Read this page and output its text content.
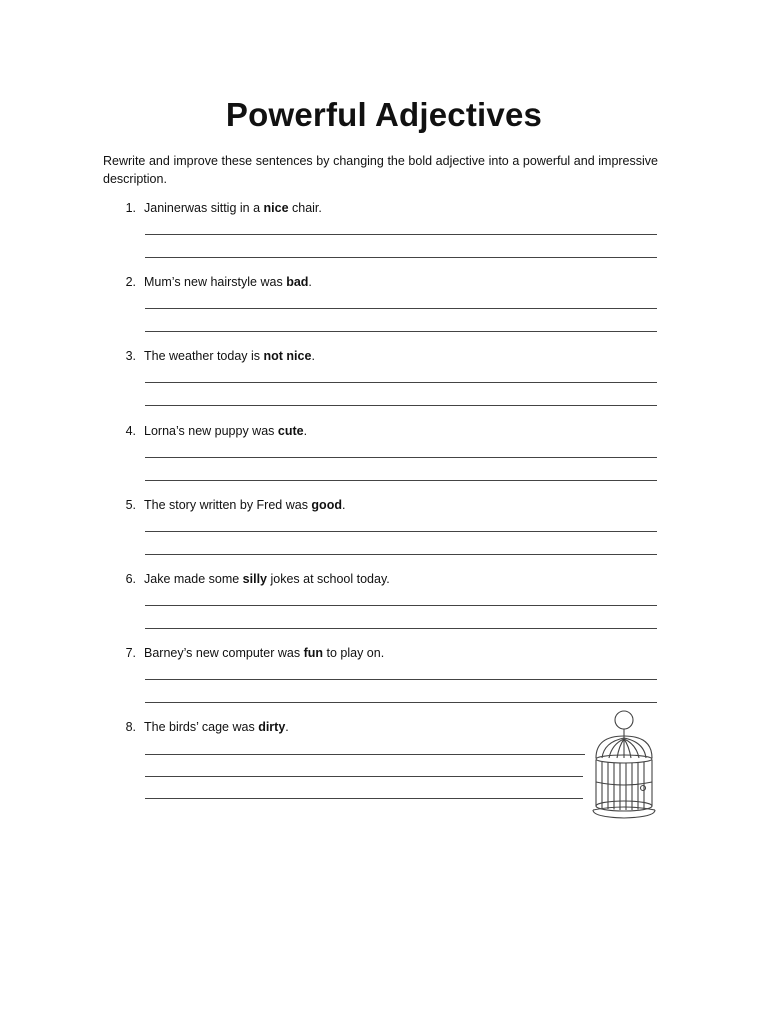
Powerful Adjectives
Rewrite and improve these sentences by changing the bold adjective into a powerful and impressive description.
1. Janinerwas sittig in a nice chair.
2. Mum’s new hairstyle was bad.
3. The weather today is not nice.
4. Lorna’s new puppy was cute.
5. The story written by Fred was good.
6. Jake made some silly jokes at school today.
7. Barney’s new computer was fun to play on.
8. The birds’ cage was dirty.
